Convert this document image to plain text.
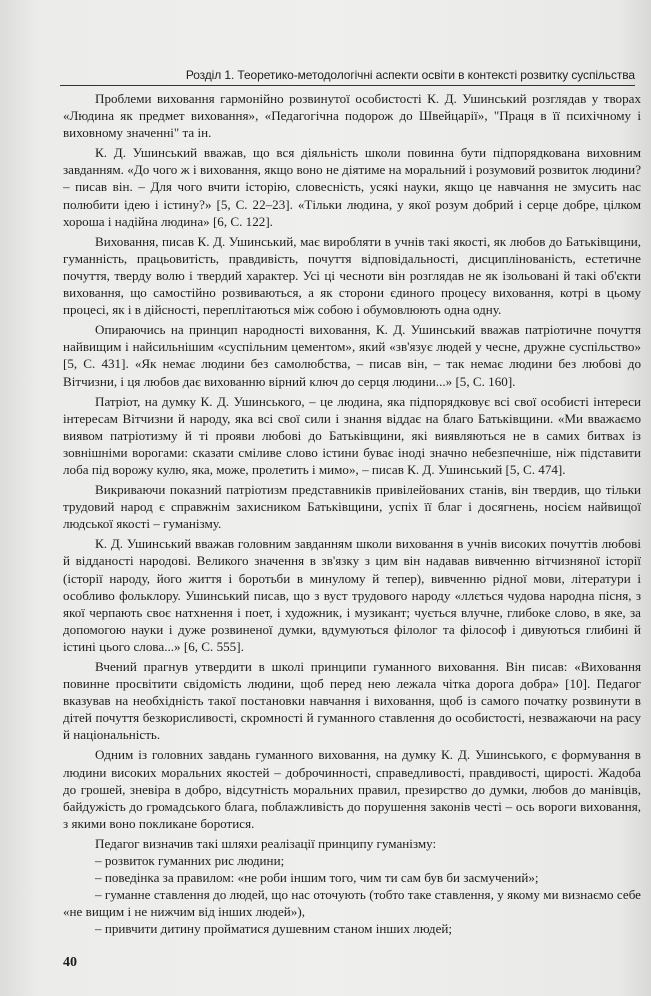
Розділ 1. Теоретико-методологічні аспекти освіти в контексті розвитку суспільства

Проблеми виховання гармонійно розвинутої особистості К. Д. Ушинський розглядав у творах «Людина як предмет виховання», «Педагогічна подорож до Швейцарії», "Праця в її психічному і виховному значенні" та ін.

К. Д. Ушинський вважав, що вся діяльність школи повинна бути підпорядкована виховним завданням. «До чого ж і виховання, якщо воно не діятиме на моральний і розумовий розвиток людини? – писав він. – Для чого вчити історію, словесність, усякі науки, якщо це навчання не змусить нас полюбити ідею і істину?» [5, С. 22–23]. «Тільки людина, у якої розум добрий і серце добре, цілком хороша і надійна людина» [6, С. 122].

Виховання, писав К. Д. Ушинський, має виробляти в учнів такі якості, як любов до Батьківщини, гуманність, працьовитість, правдивість, почуття відповідальності, дисциплінованість, естетичне почуття, тверду волю і твердий характер. Усі ці чесноти він розглядав не як ізольовані й такі об'єкти виховання, що самостійно розвиваються, а як сторони єдиного процесу виховання, котрі в цьому процесі, як і в дійсності, переплітаються між собою і обумовлюють одна одну.

Опираючись на принцип народності виховання, К. Д. Ушинський вважав патріотичне почуття найвищим і найсильнішим «суспільним цементом», який «зв'язує людей у чесне, дружне суспільство» [5, С. 431]. «Як немає людини без самолюбства, – писав він, – так немає людини без любові до Вітчизни, і ця любов дає вихованню вірний ключ до серця людини...» [5, С. 160].

Патріот, на думку К. Д. Ушинського, – це людина, яка підпорядковує всі свої особисті інтереси інтересам Вітчизни й народу, яка всі свої сили і знання віддає на благо Батьківщини. «Ми вважаємо виявом патріотизму й ті прояви любові до Батьківщини, які виявляються не в самих битвах із зовнішніми ворогами: сказати сміливе слово істини буває іноді значно небезпечніше, ніж підставити лоба під ворожу кулю, яка, може, пролетить і мимо», – писав К. Д. Ушинський [5, С. 474].

Викриваючи показний патріотизм представників привілейованих станів, він твердив, що тільки трудовий народ є справжнім захисником Батьківщини, успіх її благ і досягнень, носієм найвищої людської якості – гуманізму.

К. Д. Ушинський вважав головним завданням школи виховання в учнів високих почуттів любові й відданості народові. Великого значення в зв'язку з цим він надавав вивченню вітчизняної історії (історії народу, його життя і боротьби в минулому й тепер), вивченню рідної мови, літератури і особливо фольклору. Ушинський писав, що з вуст трудового народу «ллється чудова народна пісня, з якої черпають своє натхнення і поет, і художник, і музикант; чується влучне, глибоке слово, в яке, за допомогою науки і дуже розвиненої думки, вдумуються філолог та філософ і дивуються глибині й істині цього слова...» [6, С. 555].

Вчений прагнув утвердити в школі принципи гуманного виховання. Він писав: «Виховання повинне просвітити свідомість людини, щоб перед нею лежала чітка дорога добра» [10]. Педагог вказував на необхідність такої постановки навчання і виховання, щоб із самого початку розвинути в дітей почуття безкорисливості, скромності й гуманного ставлення до особистості, незважаючи на расу й національність.

Одним із головних завдань гуманного виховання, на думку К. Д. Ушинського, є формування в людини високих моральних якостей – доброчинності, справедливості, правдивості, щирості. Жадоба до грошей, зневіра в добро, відсутність моральних правил, презирство до думки, любов до манівців, байдужість до громадського блага, поблажливість до порушення законів честі – ось вороги виховання, з якими воно покликане боротися.

Педагог визначив такі шляхи реалізації принципу гуманізму:

– розвиток гуманних рис людини;

– поведінка за правилом: «не роби іншим того, чим ти сам був би засмучений»;

– гуманне ставлення до людей, що нас оточують (тобто таке ставлення, у якому ми визнаємо себе «не вищим і не нижчим від інших людей»),

– привчити дитину пройматися душевним станом інших людей;

40
